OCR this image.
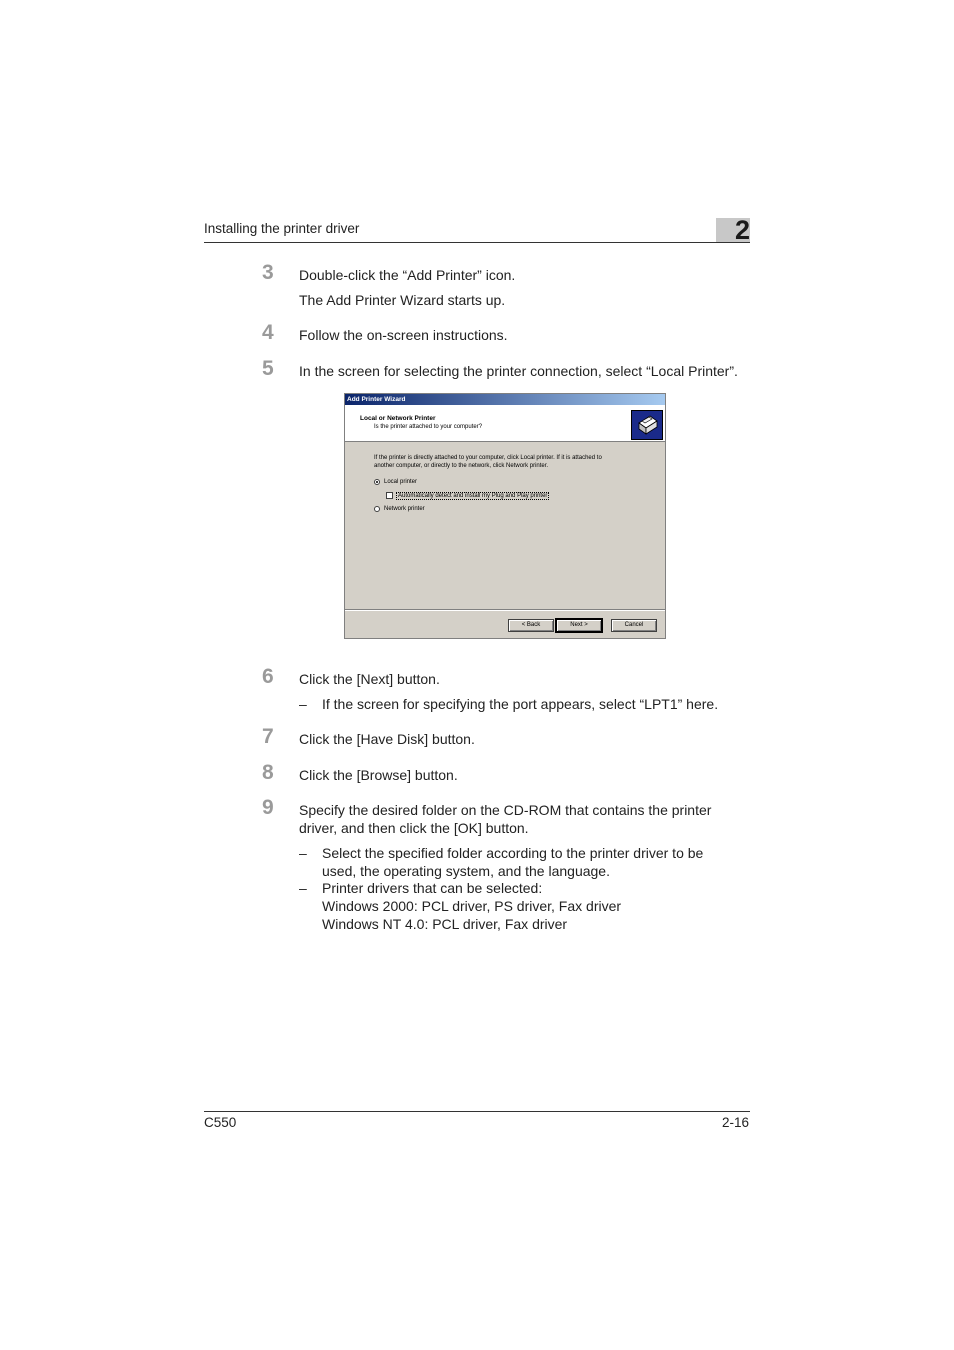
Installing the printer driver	2
3 Double-click the “Add Printer” icon.
The Add Printer Wizard starts up.
4 Follow the on-screen instructions.
5 In the screen for selecting the printer connection, select “Local Printer”.
Add Printer Wizard
Local or Network Printer
Is the printer attached to your computer?
If the printer is directly attached to your computer, click Local printer. If it is attached to
another computer, or directly to the network, click Network printer.
Local printer
Automatically detect and install my Plug and Play printer
Network printer
< Back	Next >	Cancel
6 Click the [Next] button.
– If the screen for specifying the port appears, select “LPT1” here.
7 Click the [Have Disk] button.
8 Click the [Browse] button.
9 Specify the desired folder on the CD-ROM that contains the printer
driver, and then click the [OK] button.
– Select the specified folder according to the printer driver to be
used, the operating system, and the language.
– Printer drivers that can be selected:
Windows 2000: PCL driver, PS driver, Fax driver
Windows NT 4.0: PCL driver, Fax driver
C550	2-16
